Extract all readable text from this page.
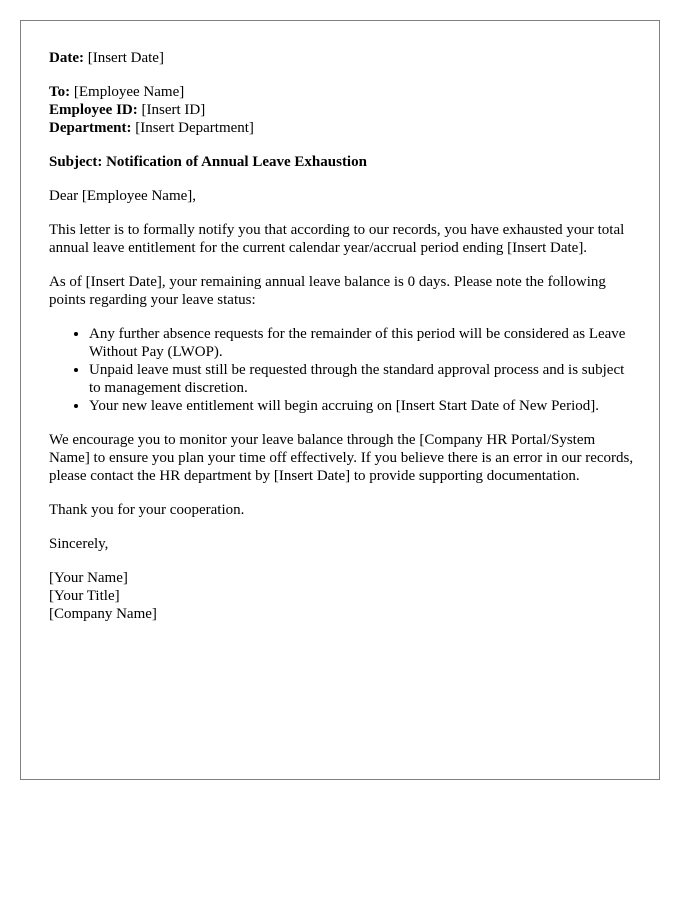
Date: [Insert Date]

To: [Employee Name]

Employee ID: [Insert ID]

Department: [Insert Department]

Subject: Notification of Annual Leave Exhaustion

Dear [Employee Name],

This letter is to formally notify you that according to our records, you have exhausted your total annual leave entitlement for the current calendar year/accrual period ending [Insert Date].

As of [Insert Date], your remaining annual leave balance is 0 days. Please note the following points regarding your leave status:

• Any further absence requests for the remainder of this period will be considered as Leave Without Pay (LWOP).
• Unpaid leave must still be requested through the standard approval process and is subject to management discretion.
• Your new leave entitlement will begin accruing on [Insert Start Date of New Period].

We encourage you to monitor your leave balance through the [Company HR Portal/System Name] to ensure you plan your time off effectively. If you believe there is an error in our records, please contact the HR department by [Insert Date] to provide supporting documentation.

Thank you for your cooperation.

Sincerely,

[Your Name]

[Your Title]

[Company Name]
